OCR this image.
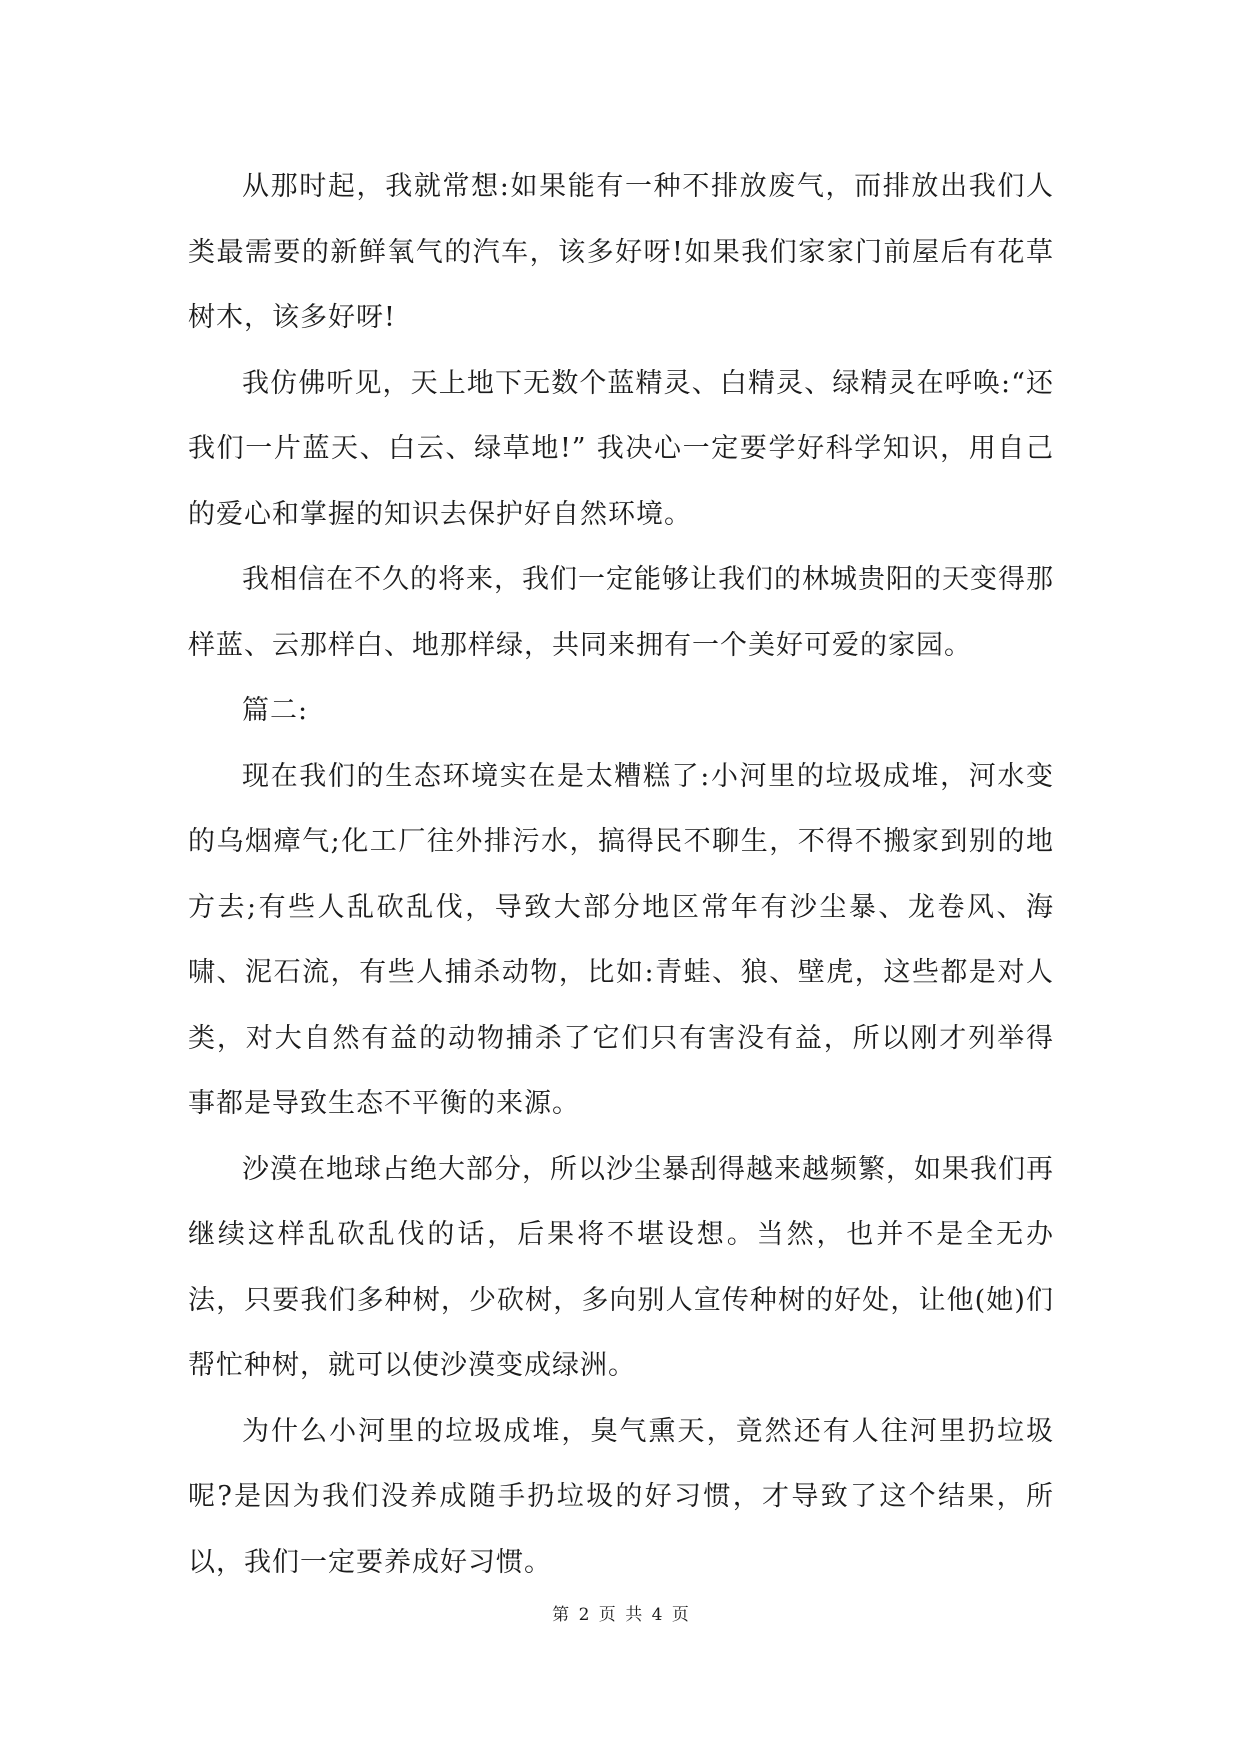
从那时起，我就常想:如果能有一种不排放废气，而排放出我们人类最需要的新鲜氧气的汽车，该多好呀!如果我们家家门前屋后有花草树木，该多好呀!

我仿佛听见，天上地下无数个蓝精灵、白精灵、绿精灵在呼唤:“还我们一片蓝天、白云、绿草地!” 我决心一定要学好科学知识，用自己的爱心和掌握的知识去保护好自然环境。

我相信在不久的将来，我们一定能够让我们的林城贵阳的天变得那样蓝、云那样白、地那样绿，共同来拥有一个美好可爱的家园。

篇二:

现在我们的生态环境实在是太糟糕了:小河里的垃圾成堆，河水变的乌烟瘴气;化工厂往外排污水，搞得民不聊生，不得不搬家到别的地方去;有些人乱砍乱伐，导致大部分地区常年有沙尘暴、龙卷风、海啸、泥石流，有些人捕杀动物，比如:青蛙、狼、壁虎，这些都是对人类，对大自然有益的动物捕杀了它们只有害没有益，所以刚才列举得事都是导致生态不平衡的来源。

沙漠在地球占绝大部分，所以沙尘暴刮得越来越频繁，如果我们再继续这样乱砍乱伐的话，后果将不堪设想。当然，也并不是全无办法，只要我们多种树，少砍树，多向别人宣传种树的好处，让他(她)们帮忙种树，就可以使沙漠变成绿洲。

为什么小河里的垃圾成堆，臭气熏天，竟然还有人往河里扔垃圾呢?是因为我们没养成随手扔垃圾的好习惯，才导致了这个结果，所以，我们一定要养成好习惯。

第 2 页 共 4 页
